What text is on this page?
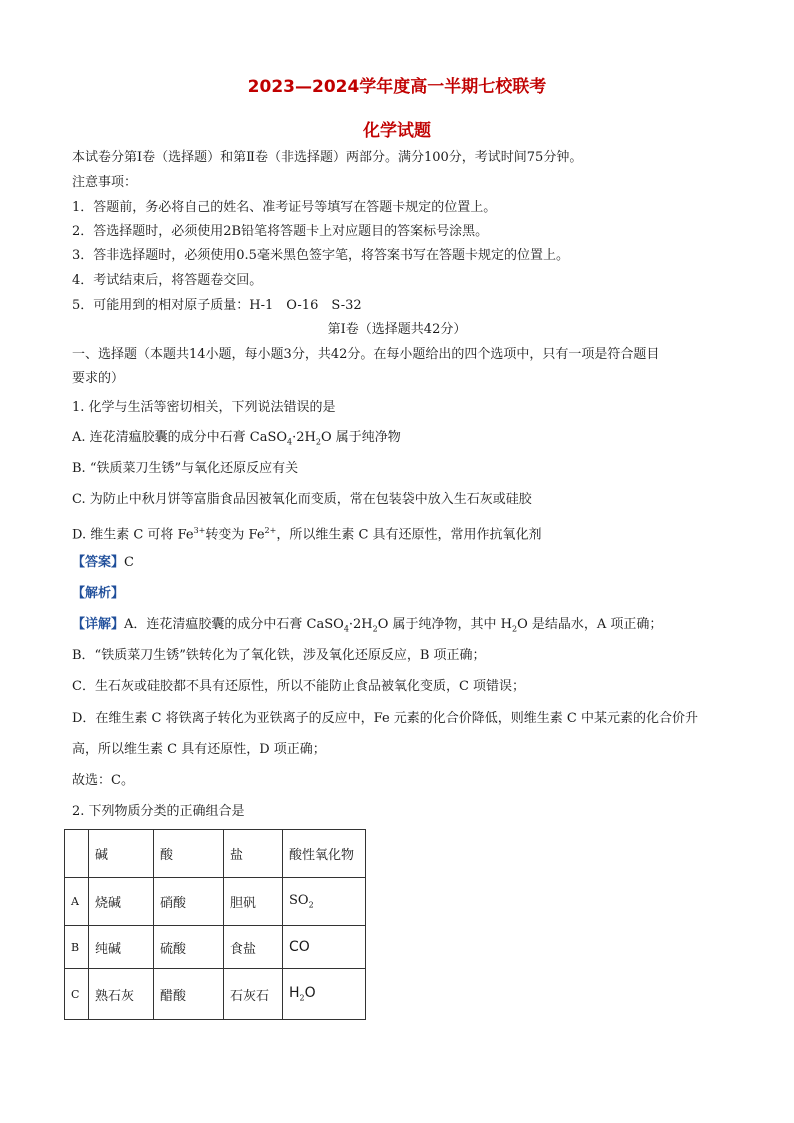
2023—2024学年度高一半期七校联考
化学试题
本试卷分第Ⅰ卷（选择题）和第Ⅱ卷（非选择题）两部分。满分100分，考试时间75分钟。
注意事项：
1．答题前，务必将自己的姓名、准考证号等填写在答题卡规定的位置上。
2．答选择题时，必须使用2B铅笔将答题卡上对应题目的答案标号涂黑。
3．答非选择题时，必须使用0.5毫米黑色签字笔，将答案书写在答题卡规定的位置上。
4．考试结束后，将答题卷交回。
5．可能用到的相对原子质量：H-1　O-16　S-32
第Ⅰ卷（选择题共42分）
一、选择题（本题共14小题，每小题3分，共42分。在每小题给出的四个选项中，只有一项是符合题目
要求的）
1. 化学与生活等密切相关，下列说法错误的是
A. 连花清瘟胶囊的成分中石膏 $CaSO_4\cdot 2H_2O$ 属于纯净物
B. “铁质菜刀生锈”与氧化还原反应有关
C. 为防止中秋月饼等富脂食品因被氧化而变质，常在包装袋中放入生石灰或硅胶
D. 维生素 C 可将 $Fe^{3+}$转变为 $Fe^{2+}$，所以维生素 C 具有还原性，常用作抗氧化剂
【答案】C
【解析】
【详解】A．连花清瘟胶囊的成分中石膏 $CaSO_4\cdot 2H_2O$ 属于纯净物，其中 $H_2O$ 是结晶水，A 项正确；
B．“铁质菜刀生锈”铁转化为了氧化铁，涉及氧化还原反应，B 项正确；
C．生石灰或硅胶都不具有还原性，所以不能防止食品被氧化变质，C 项错误；
D．在维生素 C 将铁离子转化为亚铁离子的反应中，Fe 元素的化合价降低，则维生素 C 中某元素的化合价升
高，所以维生素 C 具有还原性，D 项正确；
故选：C。
2. 下列物质分类的正确组合是
	碱	酸	盐	酸性氧化物
A	烧碱	硝酸	胆矾	$SO_2$
B	纯碱	硫酸	食盐	CO
C	熟石灰	醋酸	石灰石	$H_2O$
